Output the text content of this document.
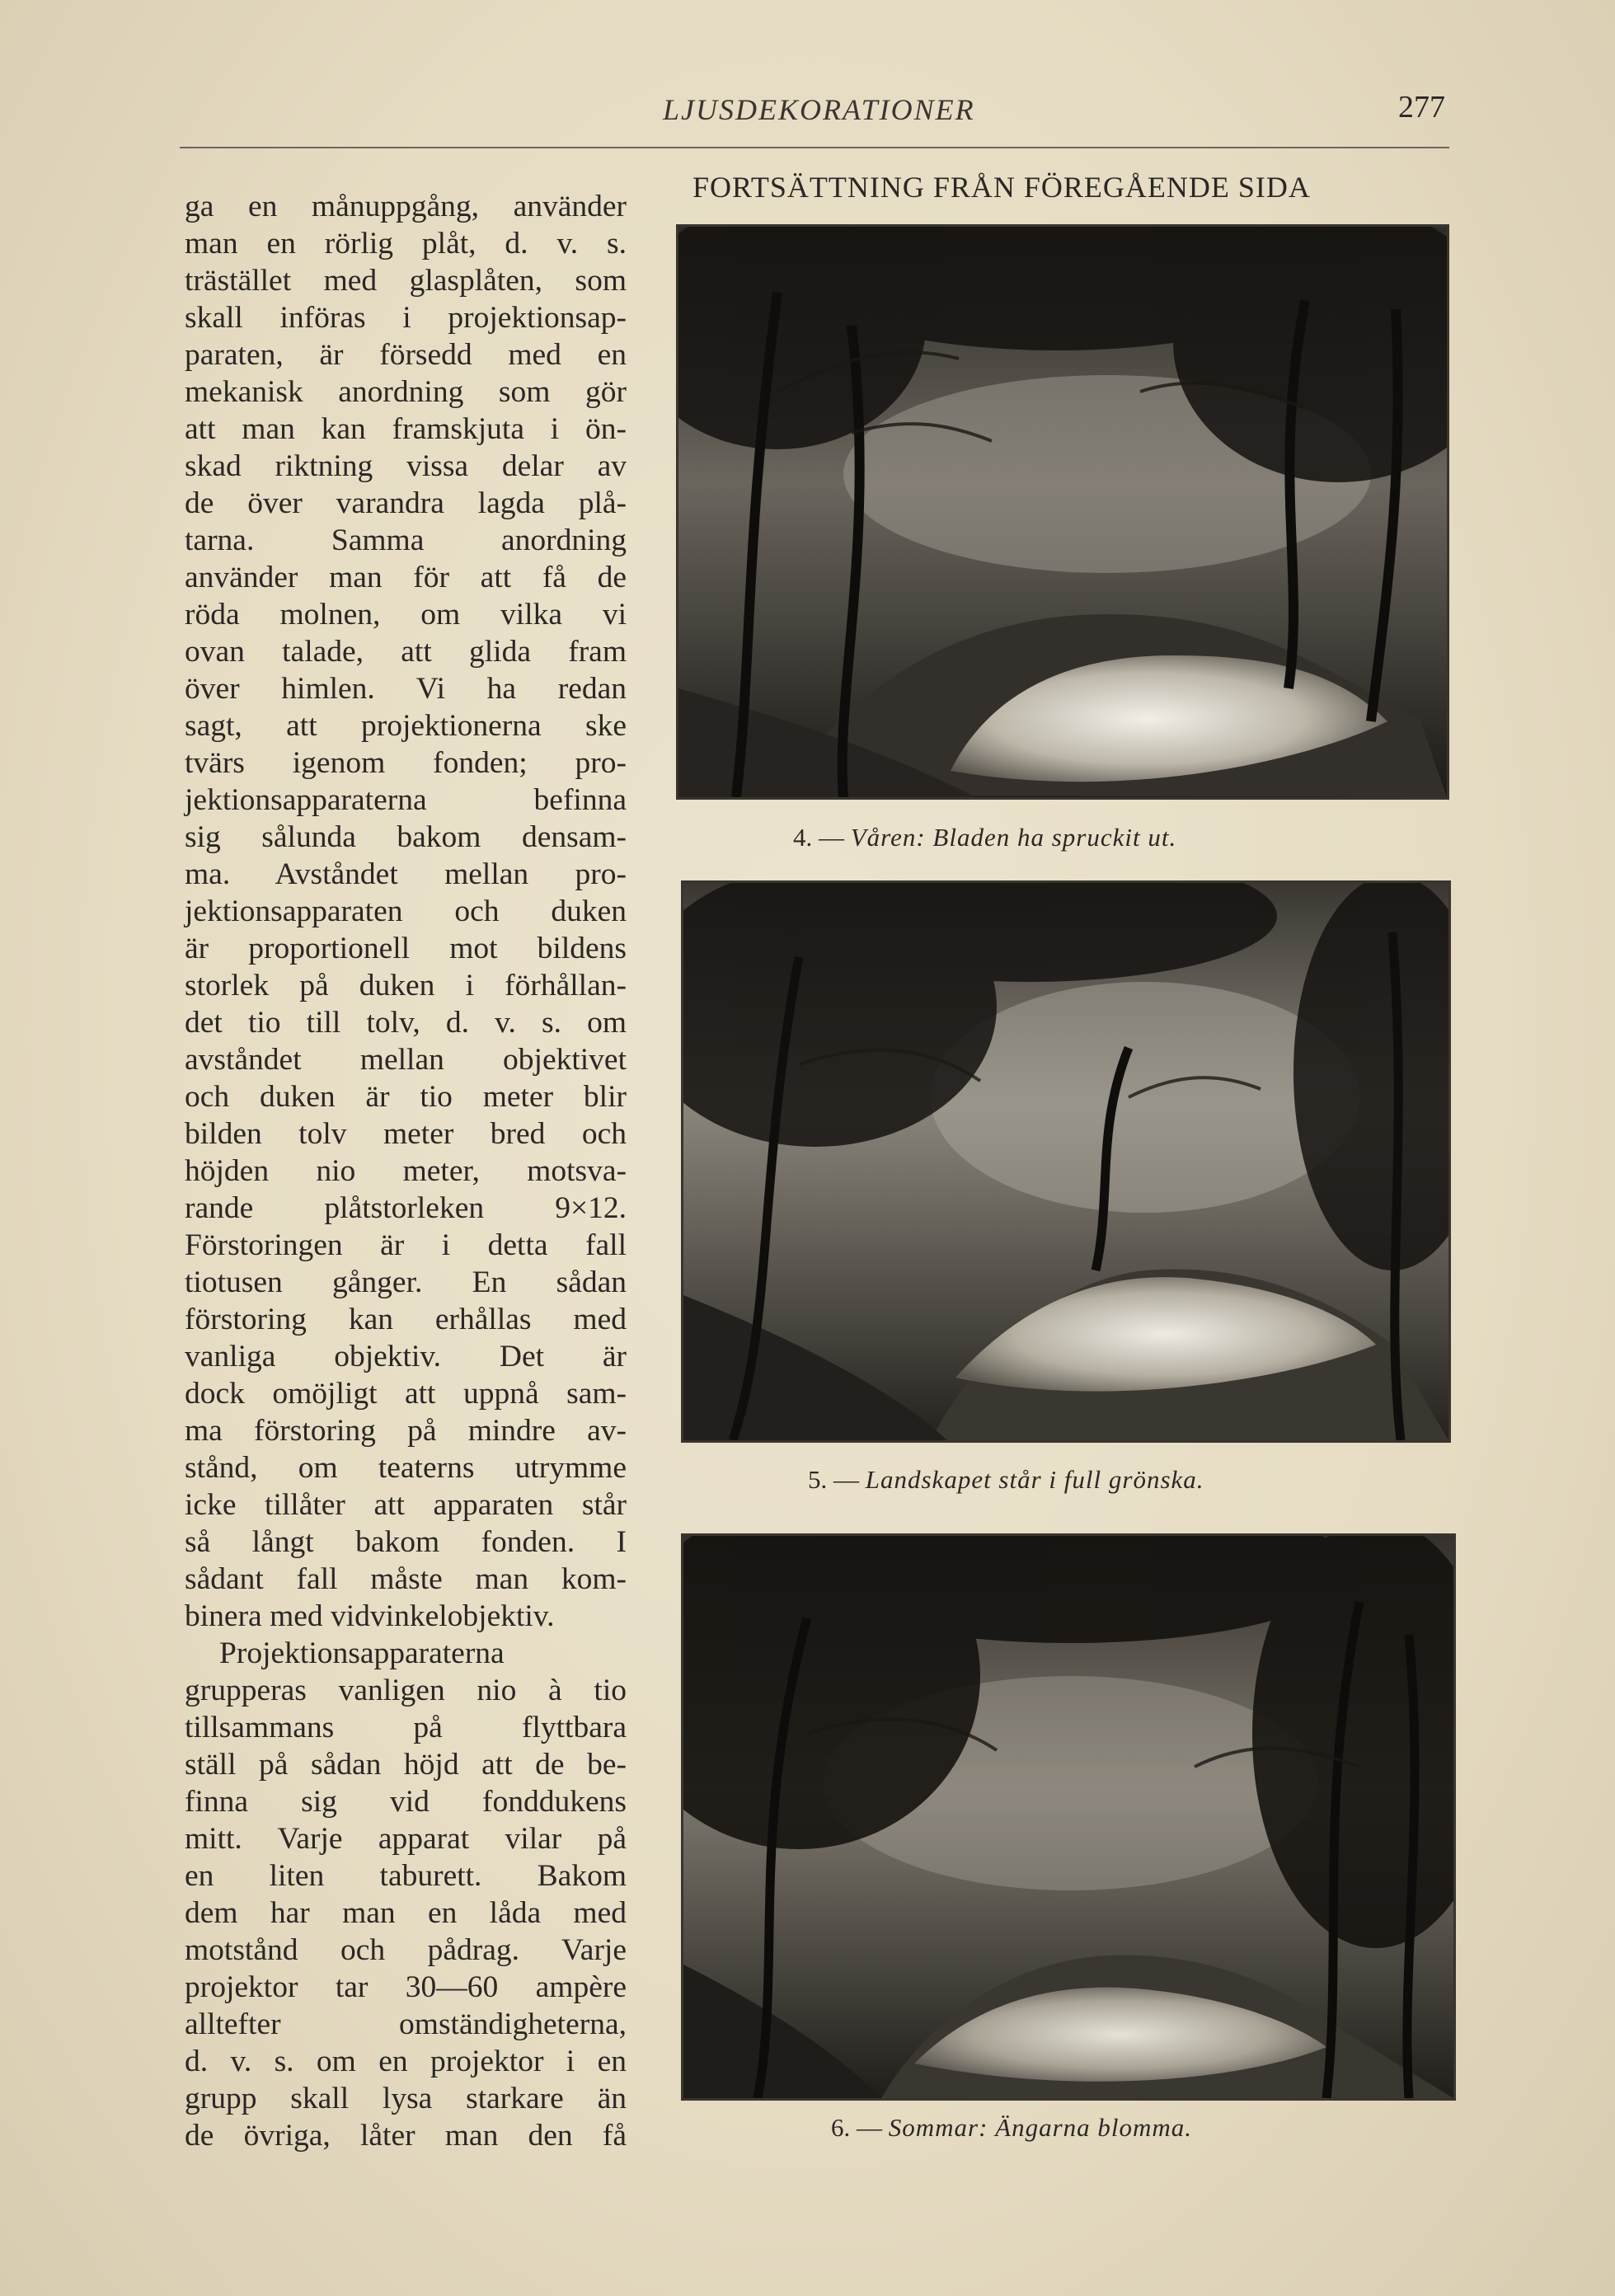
LJUSDEKORATIONER	277
ga en månuppgång, använder
man en rörlig plåt, d. v. s.
trästället med glasplåten, som
skall införas i projektionsap-
paraten, är försedd med en
mekanisk anordning som gör
att man kan framskjuta i ön-
skad riktning vissa delar av
de över varandra lagda plå-
tarna. Samma anordning
använder man för att få de
röda molnen, om vilka vi
ovan talade, att glida fram
över himlen. Vi ha redan
sagt, att projektionerna ske
tvärs igenom fonden; pro-
jektionsapparaterna befinna
sig sålunda bakom densam-
ma. Avståndet mellan pro-
jektionsapparaten och duken
är proportionell mot bildens
storlek på duken i förhållan-
det tio till tolv, d. v. s. om
avståndet mellan objektivet
och duken är tio meter blir
bilden tolv meter bred och
höjden nio meter, motsva-
rande plåtstorleken 9×12.
Förstoringen är i detta fall
tiotusen gånger. En sådan
förstoring kan erhållas med
vanliga objektiv. Det är
dock omöjligt att uppnå sam-
ma förstoring på mindre av-
stånd, om teaterns utrymme
icke tillåter att apparaten står
så långt bakom fonden. I
sådant fall måste man kom-
binera med vidvinkelobjektiv.
Projektionsapparaterna
grupperas vanligen nio à tio
tillsammans på flyttbara
ställ på sådan höjd att de be-
finna sig vid fonddukens
mitt. Varje apparat vilar på
en liten taburett. Bakom
dem har man en låda med
motstånd och pådrag. Varje
projektor tar 30—60 ampère
alltefter omständigheterna,
d. v. s. om en projektor i en
grupp skall lysa starkare än
de övriga, låter man den få
FORTSÄTTNING FRÅN FÖREGÅENDE SIDA
4. — Våren: Bladen ha spruckit ut.
5. — Landskapet står i full grönska.
6. — Sommar: Ängarna blomma.
